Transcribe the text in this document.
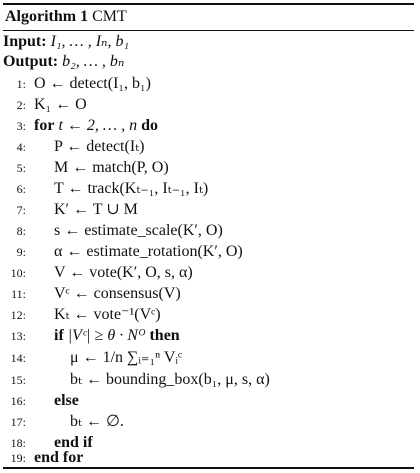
Algorithm 1 CMT
Input: I₁, … , Iₙ, b₁
Output: b₂, … , bₙ
1: O ← detect(I₁, b₁)
2: K₁ ← O
3: for t ← 2, … , n do
4: P ← detect(Iₜ)
5: M ← match(P, O)
6: T ← track(Kₜ₋₁, Iₜ₋₁, Iₜ)
7: K′ ← T ∪ M
8: s ← estimate_scale(K′, O)
9: α ← estimate_rotation(K′, O)
10: V ← vote(K′, O, s, α)
11: Vᶜ ← consensus(V)
12: Kₜ ← vote⁻¹(Vᶜ)
13: if |Vᶜ| ≥ θ · Nᴼ then
14:	μ ← 1/n ∑ᵢ₌₁ⁿ Vᵢᶜ
15:	bₜ ← bounding_box(b₁, μ, s, α)
16: else
17:	bₜ ← ∅.
18: end if
19: end for
